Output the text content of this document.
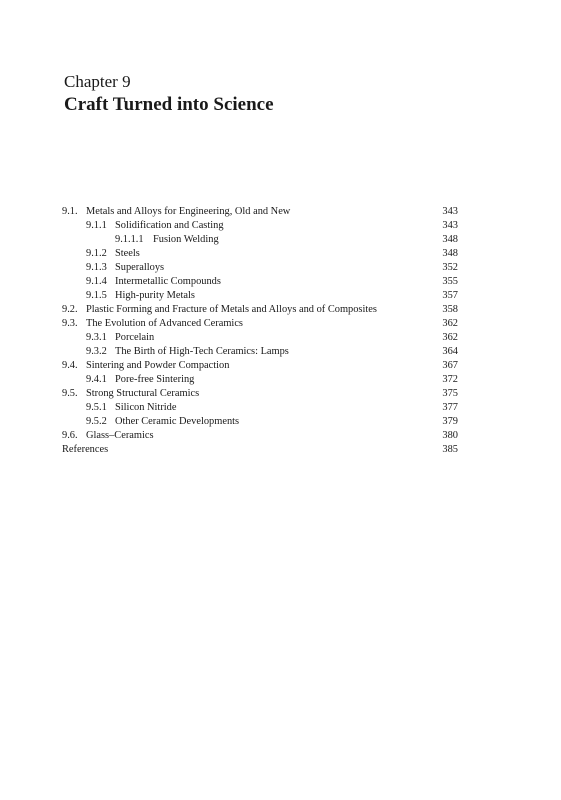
Chapter 9
Craft Turned into Science
9.1. Metals and Alloys for Engineering, Old and New	343
9.1.1 Solidification and Casting	343
9.1.1.1 Fusion Welding	348
9.1.2 Steels	348
9.1.3 Superalloys	352
9.1.4 Intermetallic Compounds	355
9.1.5 High-purity Metals	357
9.2. Plastic Forming and Fracture of Metals and Alloys and of Composites	358
9.3. The Evolution of Advanced Ceramics	362
9.3.1 Porcelain	362
9.3.2 The Birth of High-Tech Ceramics: Lamps	364
9.4. Sintering and Powder Compaction	367
9.4.1 Pore-free Sintering	372
9.5. Strong Structural Ceramics	375
9.5.1 Silicon Nitride	377
9.5.2 Other Ceramic Developments	379
9.6. Glass–Ceramics	380
References	385
